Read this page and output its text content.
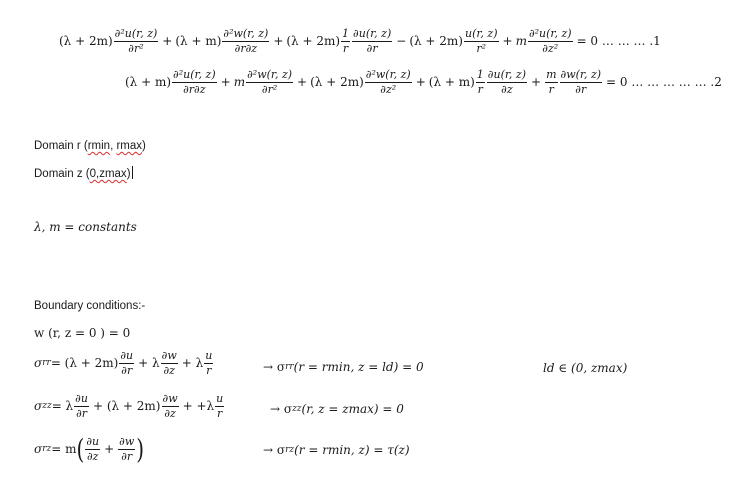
$(\lambda + 2m) \frac{\text{∂²u(r, z)}}{\text{∂r²}} + (\lambda + m) \frac{\text{∂²w(r, z)}}{\partial r\partial z} + (\lambda + 2m) \frac{1}{r} \frac{\partial u(r, z)}{\partial r} - (\lambda + 2m) \frac{u(r, z)}{\text{r²}} + m \frac{\text{∂²u(r, z)}}{\text{∂z²}} = 0$ … … … .1
$(\lambda + m) \frac{\text{∂²u(r, z)}}{\partial r\partial z} + m \frac{\text{∂²w(r, z)}}{\text{∂r²}} + (\lambda + 2m) \frac{\text{∂²w(r, z)}}{\text{∂z²}} + (\lambda + m) \frac{1}{r} \frac{\partial u(r, z)}{\partial z} + \frac{m}{r} \frac{\partial w(r, z)}{\partial r} = 0$ … … … … … .2
Domain r (rmin, rmax)
Domain z (0,zmax)
λ, m = constants
Boundary conditions:-
w (r, z = 0 ) = 0
σ rr = $(\lambda + 2m) \frac{\partial u}{\partial r} + \lambda \frac{\partial w}{\partial z} + \lambda \frac{u}{r}$	→ σ rr (r = rmin, z = ld) = 0	ld ∈ (0, zmax)
σ zz = λ $\frac{\partial u}{\partial r} + (\lambda + 2m) \frac{\partial w}{\partial z} + +\lambda \frac{u}{r}$	→ σ zz (r, z = zmax) = 0
σ rz = m ( $\frac{\partial u}{\partial z} + \frac{\partial w}{\partial r}$ )	→ σ rz (r = rmin, z) = τ(z)
